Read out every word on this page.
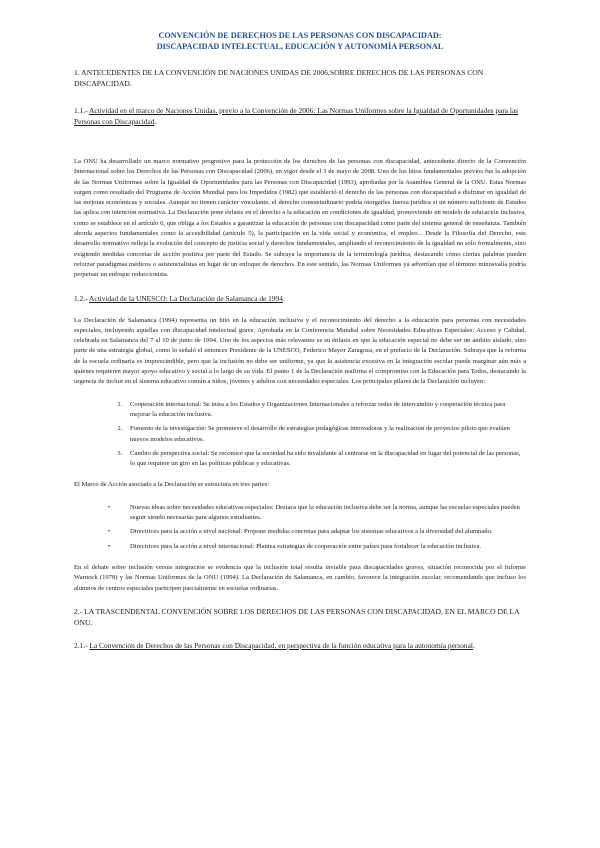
CONVENCIÓN DE DERECHOS DE LAS PERSONAS CON DISCAPACIDAD:
DISCAPACIDAD INTELECTUAL, EDUCACIÓN Y AUTONOMÍA PERSONAL
1. ANTECEDENTES DE LA CONVENCIÓN DE NACIONES UNIDAS DE 2006,SOBRE DERECHOS DE LAS PERSONAS CON DISCAPACIDAD.
1.1.- Actividad en el marco de Naciones Unidas, previo a la Convención de 2006: Las Normas Uniformes sobre la Igualdad de Oportunidades para las Personas con Discapacidad.

La ONU ha desarrollado un marco normativo progresivo para la protección de los derechos de las personas con discapacidad, antecedente directo de la Convención Internacional sobre los Derechos de las Personas con Discapacidad (2006), en vigor desde el 3 de mayo de 2008. Uno de los hitos fundamentales previos fue la adopción de las Normas Uniformes sobre la Igualdad de Oportunidades para las Personas con Discapacidad (1993), aprobadas por la Asamblea General de la ONU. Estas Normas surgen como resultado del Programa de Acción Mundial para los Impedidos (1982) que estableció el derecho de las personas con discapacidad a disfrutar en igualdad de las mejoras económicas y sociales. Aunque no tienen carácter vinculante, el derecho consuetudinario podría otorgarles fuerza jurídica si un número suficiente de Estados las aplica con intención normativa. La Declaración pone énfasis en el derecho a la educación en condiciones de igualdad, promoviendo un modelo de educación inclusiva, como se establece en el artículo 6, que obliga a los Estados a garantizar la educación de personas con discapacidad como parte del sistema general de enseñanza. También aborda aspectos fundamentales como la accesibilidad (artículo 5), la participación en la vida social y económica, el empleo... Desde la Filosofía del Derecho, este desarrollo normativo refleja la evolución del concepto de justicia social y derechos fundamentales, ampliando el reconocimiento de la igualdad no solo formalmente, sino exigiendo medidas concretas de acción positiva por parte del Estado. Se subraya la importancia de la terminología jurídica, destacando cómo ciertas palabras pueden reforzar paradigmas médicos o asistencialistas en lugar de un enfoque de derechos. En este sentido, las Normas Uniformes ya advertían que el término minusvalía podría perpetuar un enfoque reduccionista.

1.2.- Actividad de la UNESCO: La Declaración de Salamanca de 1994.

La Declaración de Salamanca (1994) representa un hito en la educación inclusiva y el reconocimiento del derecho a la educación para personas con necesidades especiales, incluyendo aquellas con discapacidad intelectual grave. Aprobada en la Conferencia Mundial sobre Necesidades Educativas Especiales: Acceso y Calidad, celebrada en Salamanca del 7 al 10 de junio de 1994. Uno de los aspectos más relevantes es su énfasis en que la educación especial no debe ser un ámbito aislado, sino parte de una estrategia global, como lo señaló el entonces Presidente de la UNESCO, Federico Mayor Zaragoza, en el prefacio de la Declaración. Subraya que la reforma de la escuela ordinaria es imprescindible, pero que la inclusión no debe ser uniforme, ya que la asistencia excesiva en la integración escolar puede marginar aún más a quienes requieren mayor apoyo educativo y social a lo largo de su vida. El punto 1 de la Declaración reafirma el compromiso con la Educación para Todos, destacando la urgencia de incluir en el sistema educativo común a niños, jóvenes y adultos con necesidades especiales. Los principales pilares de la Declaración incluyen:

1. Cooperación internacional: Se insta a los Estados y Organizaciones Internacionales a reforzar redes de intercambio y cooperación técnica para mejorar la educación inclusiva.
2. Fomento de la investigación: Se promueve el desarrollo de estrategias pedagógicas innovadoras y la realización de proyectos piloto que evalúen nuevos modelos educativos.
3. Cambio de perspectiva social: Se reconoce que la sociedad ha sido invalidante al centrarse en la discapacidad en lugar del potencial de las personas, lo que requiere un giro en las políticas públicas y educativas.

El Marco de Acción asociado a la Declaración se estructura en tres partes:

•	Nuevas ideas sobre necesidades educativas especiales: Destaca que la educación inclusiva debe ser la norma, aunque las escuelas especiales pueden seguir siendo necesarias para algunos estudiantes.
•	Directrices para la acción a nivel nacional: Propone medidas concretas para adaptar los sistemas educativos a la diversidad del alumnado.
•	Directrices para la acción a nivel internacional: Plantea estrategias de cooperación entre países para fortalecer la educación inclusiva.

En el debate sobre inclusión versus integración se evidencia que la inclusión total resulta inviable para discapacidades graves, situación reconocida por el Informe Warnock (1978) y las Normas Uniformes de la ONU (1994). La Declaración de Salamanca, en cambio, favorece la integración escolar, recomendando que incluso los alumnos de centros especiales participen parcialmente en escuelas ordinarias.

2.- LA TRASCENDENTAL CONVENCIÓN SOBRE LOS DERECHOS DE LAS PERSONAS CON DISCAPACIDAD, EN EL MARCO DE LA ONU.
2.1.- La Convención de Derechos de las Personas con Discapacidad, en perspectiva de la función educativa para la autonomía personal.
